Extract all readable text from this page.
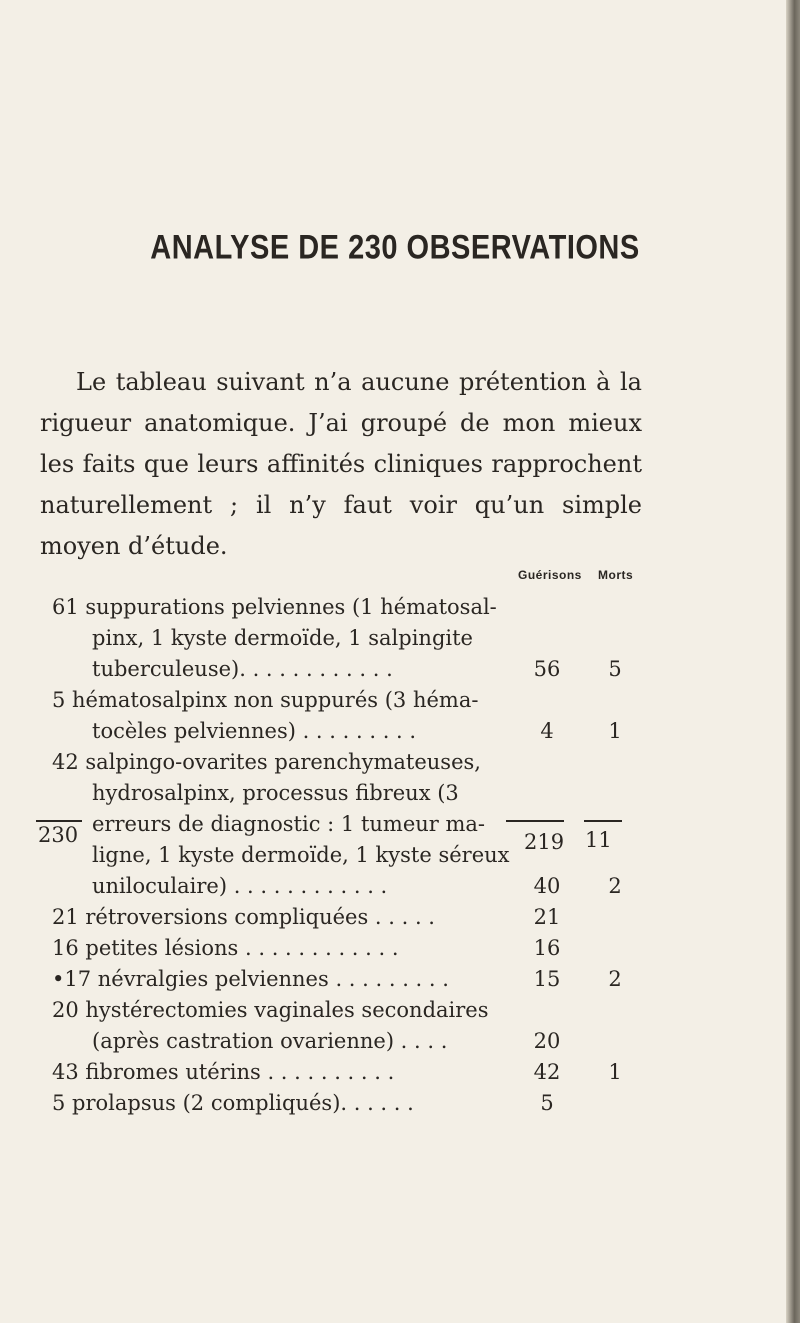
ANALYSE DE 230 OBSERVATIONS

Le tableau suivant n’a aucune prétention à la rigueur anatomique. J’ai groupé de mon mieux les faits que leurs affinités cliniques rapprochent naturellement ; il n’y faut voir qu’un simple moyen d’étude.

Guérisons Morts
61 suppurations pelviennes (1 hématosal-
pinx, 1 kyste dermoïde, 1 salpingite
tuberculeuse). . . . . . . . . . . .	56	5
5 hématosalpinx non suppurés (3 héma-
tocèles pelviennes) . . . . . . . . .	4	1
42 salpingo-ovarites parenchymateuses,
hydrosalpinx, processus fibreux (3
erreurs de diagnostic : 1 tumeur ma-
ligne, 1 kyste dermoïde, 1 kyste séreux
uniloculaire) . . . . . . . . . . . .	40	2
21 rétroversions compliquées . . . . .	21
16 petites lésions . . . . . . . . . . . .	16
•17 névralgies pelviennes . . . . . . . . .	15	2
20 hystérectomies vaginales secondaires
(après castration ovarienne) . . . .	20
43 fibromes utérins . . . . . . . . . .	42	1
5 prolapsus (2 compliqués). . . . . .	5
230	219 11
